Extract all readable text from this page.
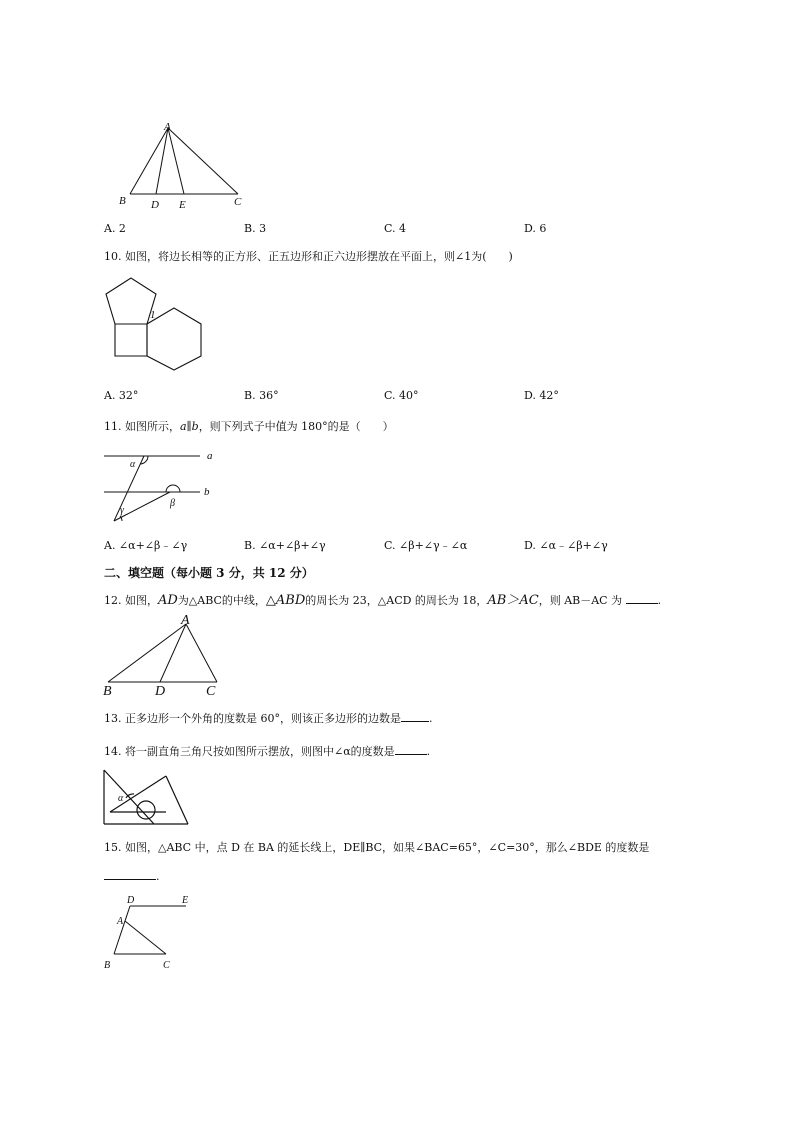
A
B D E	C
A. 2	B. 3	C. 4	D. 6
10. 如图，将边长相等的正方形、正五边形和正六边形摆放在平面上，则∠1为(　　)
1
A. 32°	B. 36°	C. 40°	D. 42°
11. 如图所示，a∥b，则下列式子中值为 180°的是（　　）
a
b
α
β
γ
A. ∠α+∠β﹣∠γ	B. ∠α+∠β+∠γ	C. ∠β+∠γ﹣∠α	D. ∠α﹣∠β+∠γ
二、填空题（每小题 3 分，共 12 分）
12. 如图，AD为△ABC的中线，△ABD的周长为 23，△ACD 的周长为 18，AB＞AC，则 AB－AC 为	.
A
B	D	C
13. 正多边形一个外角的度数是 60°，则该正多边形的边数是	.
14. 将一副直角三角尺按如图所示摆放，则图中∠α的度数是	.
α
15. 如图，△ABC 中，点 D 在 BA 的延长线上，DE∥BC，如果∠BAC=65°，∠C=30°，那么∠BDE 的度数是
.
D	E
A
B	C
